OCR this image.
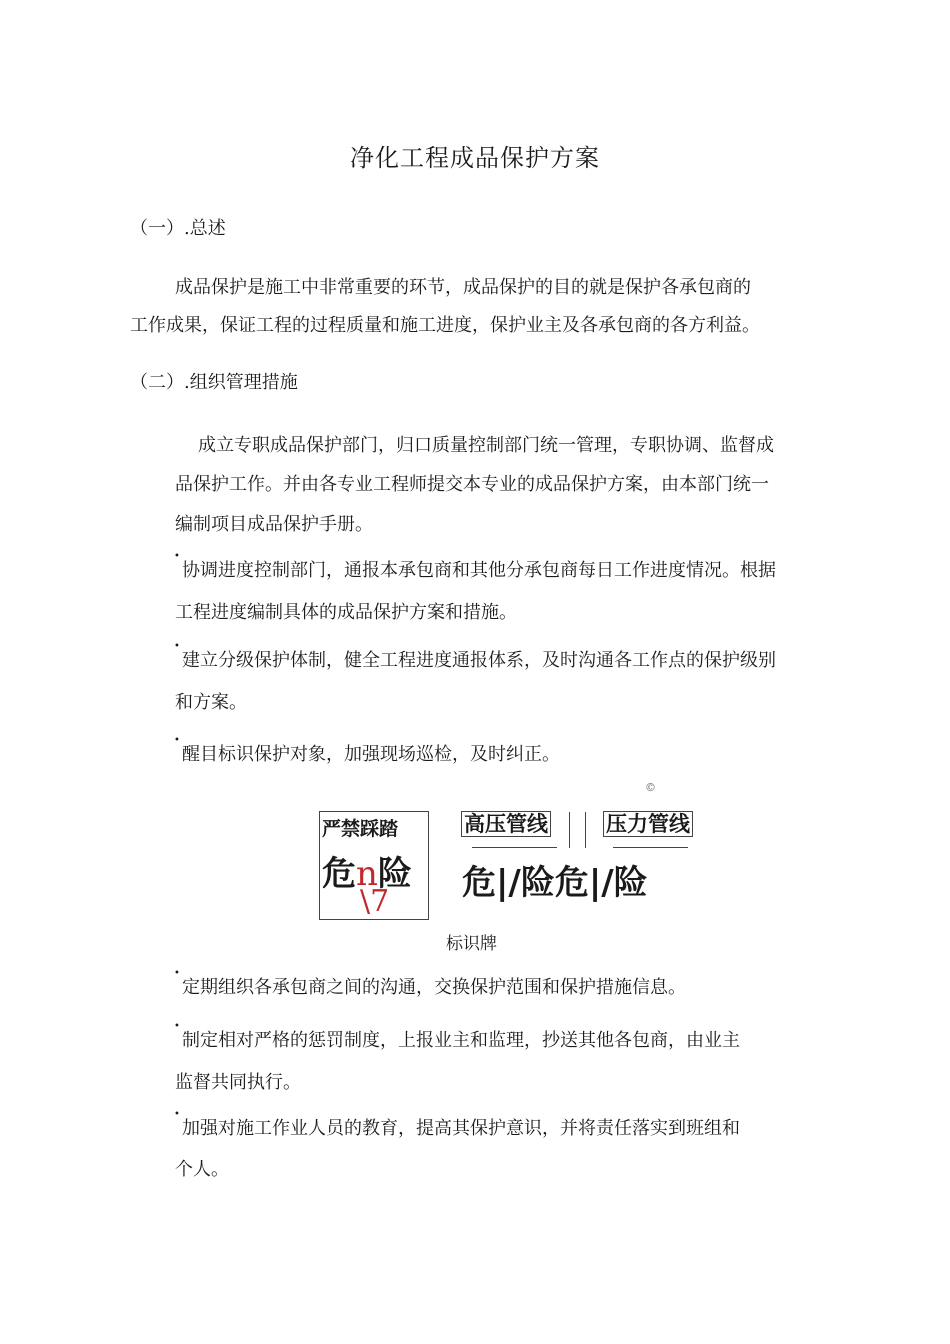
净化工程成品保护方案
（一）.总述
成品保护是施工中非常重要的环节，成品保护的目的就是保护各承包商的
工作成果，保证工程的过程质量和施工进度，保护业主及各承包商的各方利益。
（二）.组织管理措施
成立专职成品保护部门，归口质量控制部门统一管理，专职协调、监督成
品保护工作。并由各专业工程师提交本专业的成品保护方案，由本部门统一
编制项目成品保护手册。
•
协调进度控制部门，通报本承包商和其他分承包商每日工作进度情况。根据
工程进度编制具体的成品保护方案和措施。
•
建立分级保护体制，健全工程进度通报体系，及时沟通各工作点的保护级别
和方案。
•
醒目标识保护对象，加强现场巡检，及时纠正。
©
严禁踩踏
危n险
\7
高压管线	压力管线
危|/险危|/险
标识牌
•
定期组织各承包商之间的沟通，交换保护范围和保护措施信息。
•
制定相对严格的惩罚制度，上报业主和监理，抄送其他各包商，由业主
监督共同执行。
•
加强对施工作业人员的教育，提高其保护意识，并将责任落实到班组和
个人。
